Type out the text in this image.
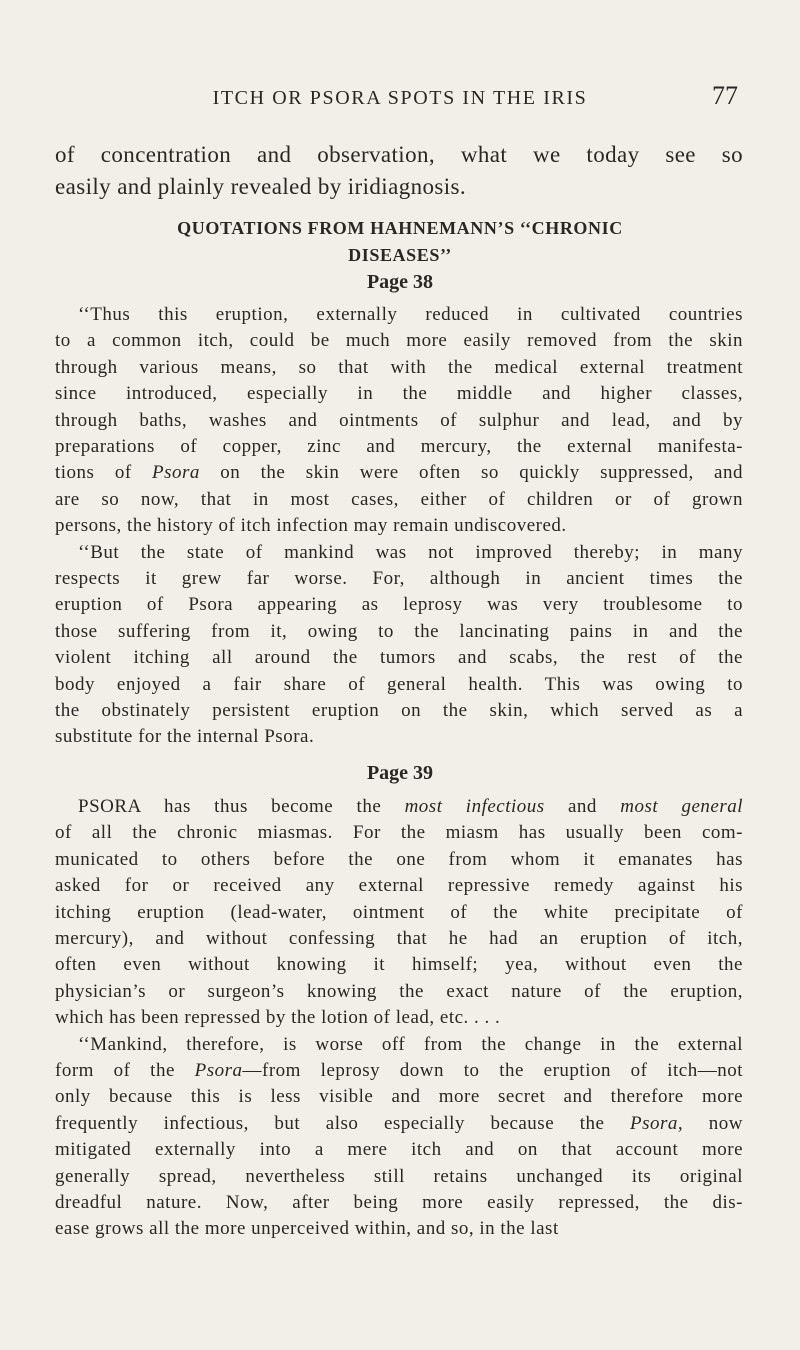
ITCH OR PSORA SPOTS IN THE IRIS	77
of concentration and observation, what we today see so
easily and plainly revealed by iridiagnosis.
QUOTATIONS FROM HAHNEMANN’S ‘‘CHRONIC
DISEASES’’
Page 38
‘‘Thus this eruption, externally reduced in cultivated countries
to a common itch, could be much more easily removed from the skin
through various means, so that with the medical external treatment
since introduced, especially in the middle and higher classes,
through baths, washes and ointments of sulphur and lead, and by
preparations of copper, zinc and mercury, the external manifesta-
tions of Psora on the skin were often so quickly suppressed, and
are so now, that in most cases, either of children or of grown
persons, the history of itch infection may remain undiscovered.
‘‘But the state of mankind was not improved thereby; in many
respects it grew far worse. For, although in ancient times the
eruption of Psora appearing as leprosy was very troublesome to
those suffering from it, owing to the lancinating pains in and the
violent itching all around the tumors and scabs, the rest of the
body enjoyed a fair share of general health. This was owing to
the obstinately persistent eruption on the skin, which served as a
substitute for the internal Psora.
Page 39
PSORA has thus become the most infectious and most general
of all the chronic miasmas. For the miasm has usually been com-
municated to others before the one from whom it emanates has
asked for or received any external repressive remedy against his
itching eruption (lead-water, ointment of the white precipitate of
mercury), and without confessing that he had an eruption of itch,
often even without knowing it himself; yea, without even the
physician’s or surgeon’s knowing the exact nature of the eruption,
which has been repressed by the lotion of lead, etc. . . .
‘‘Mankind, therefore, is worse off from the change in the external
form of the Psora—from leprosy down to the eruption of itch—not
only because this is less visible and more secret and therefore more
frequently infectious, but also especially because the Psora, now
mitigated externally into a mere itch and on that account more
generally spread, nevertheless still retains unchanged its original
dreadful nature. Now, after being more easily repressed, the dis-
ease grows all the more unperceived within, and so, in the last
